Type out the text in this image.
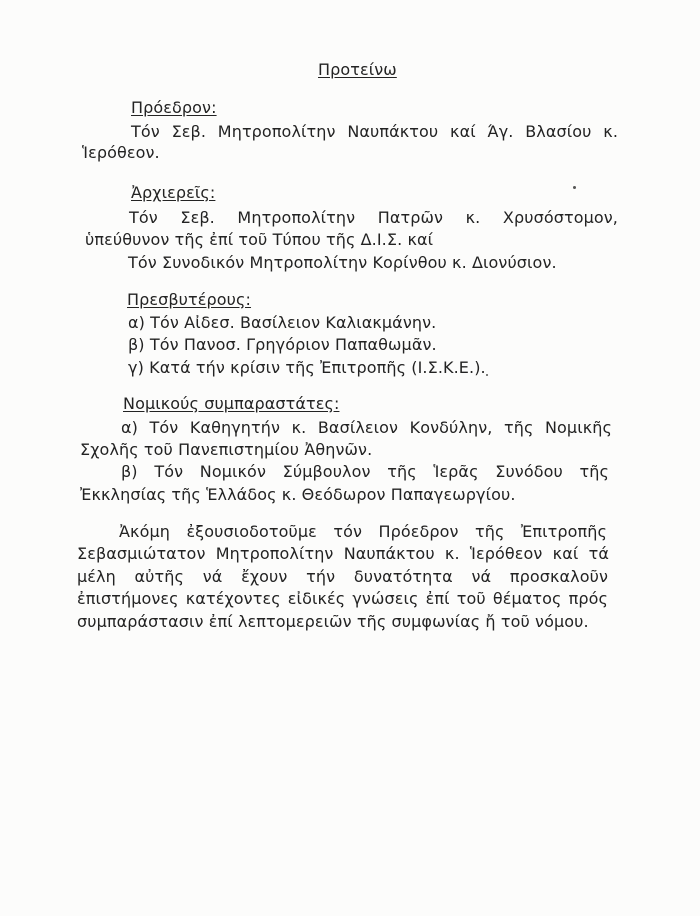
Προτείνω
Πρόεδρον:
Τόν Σεβ. Μητροπολίτην Ναυπάκτου καί Άγ. Βλασίου κ.
Ἱερόθεον.
Ἀρχιερεῖς:
Τόν Σεβ. Μητροπολίτην Πατρῶν κ. Χρυσόστομον,
ὑπεύθυνον τῆς ἐπί τοῦ Τύπου τῆς Δ.Ι.Σ. καί
Τόν Συνοδικόν Μητροπολίτην Κορίνθου κ. Διονύσιον.
Πρεσβυτέρους:
α) Τόν Αἰδεσ. Βασίλειον Καλιακμάνην.
β) Τόν Πανοσ. Γρηγόριον Παπαθωμᾶν.
γ) Κατά τήν κρίσιν τῆς Ἐπιτροπῆς (Ι.Σ.Κ.Ε.).
Νομικούς συμπαραστάτες:
α) Τόν Καθηγητήν κ. Βασίλειον Κονδύλην, τῆς Νομικῆς
Σχολῆς τοῦ Πανεπιστημίου Ἀθηνῶν.
β) Τόν Νομικόν Σύμβουλον τῆς Ἱερᾶς Συνόδου τῆς
Ἐκκλησίας τῆς Ἑλλάδος κ. Θεόδωρον Παπαγεωργίου.
Ἀκόμη ἐξουσιοδοτοῦμε τόν Πρόεδρον τῆς Ἐπιτροπῆς
Σεβασμιώτατον Μητροπολίτην Ναυπάκτου κ. Ἱερόθεον καί τά
μέλη αὐτῆς νά ἔχουν τήν δυνατότητα νά προσκαλοῦν
ἐπιστήμονες κατέχοντες εἰδικές γνώσεις ἐπί τοῦ θέματος πρός
συμπαράστασιν ἐπί λεπτομερειῶν τῆς συμφωνίας ἤ τοῦ νόμου.
